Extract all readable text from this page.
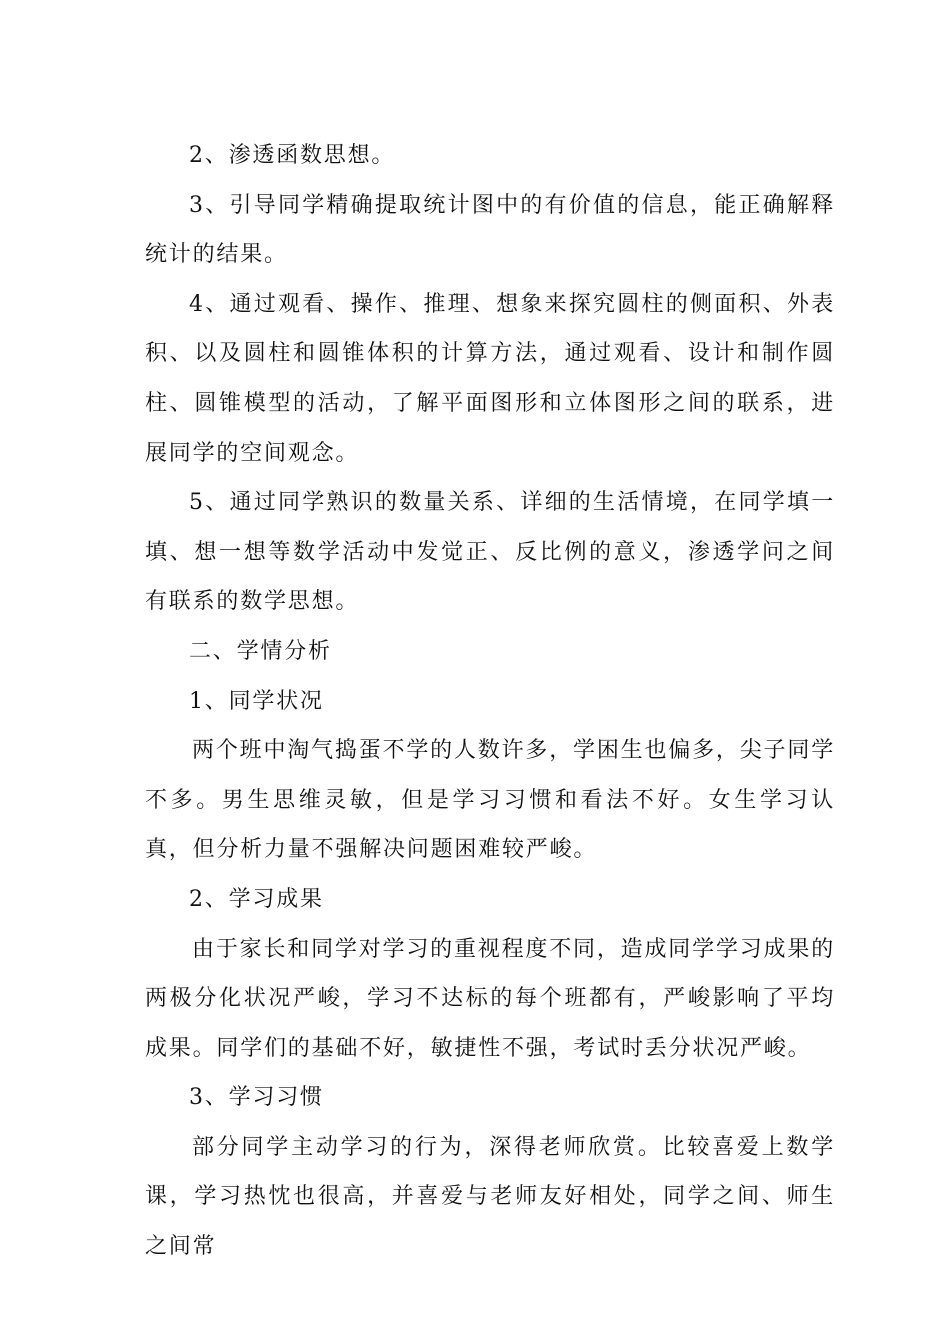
2、渗透函数思想。

3、引导同学精确提取统计图中的有价值的信息，能正确解释统计的结果。

4、通过观看、操作、推理、想象来探究圆柱的侧面积、外表积、以及圆柱和圆锥体积的计算方法，通过观看、设计和制作圆柱、圆锥模型的活动，了解平面图形和立体图形之间的联系，进展同学的空间观念。

5、通过同学熟识的数量关系、详细的生活情境，在同学填一填、想一想等数学活动中发觉正、反比例的意义，渗透学问之间有联系的数学思想。

二、学情分析

1、同学状况

两个班中淘气捣蛋不学的人数许多，学困生也偏多，尖子同学不多。男生思维灵敏，但是学习习惯和看法不好。女生学习认真，但分析力量不强解决问题困难较严峻。

2、学习成果

由于家长和同学对学习的重视程度不同，造成同学学习成果的两极分化状况严峻，学习不达标的每个班都有，严峻影响了平均成果。同学们的基础不好，敏捷性不强，考试时丢分状况严峻。

3、学习习惯

部分同学主动学习的行为，深得老师欣赏。比较喜爱上数学课，学习热忱也很高，并喜爱与老师友好相处，同学之间、师生之间常
